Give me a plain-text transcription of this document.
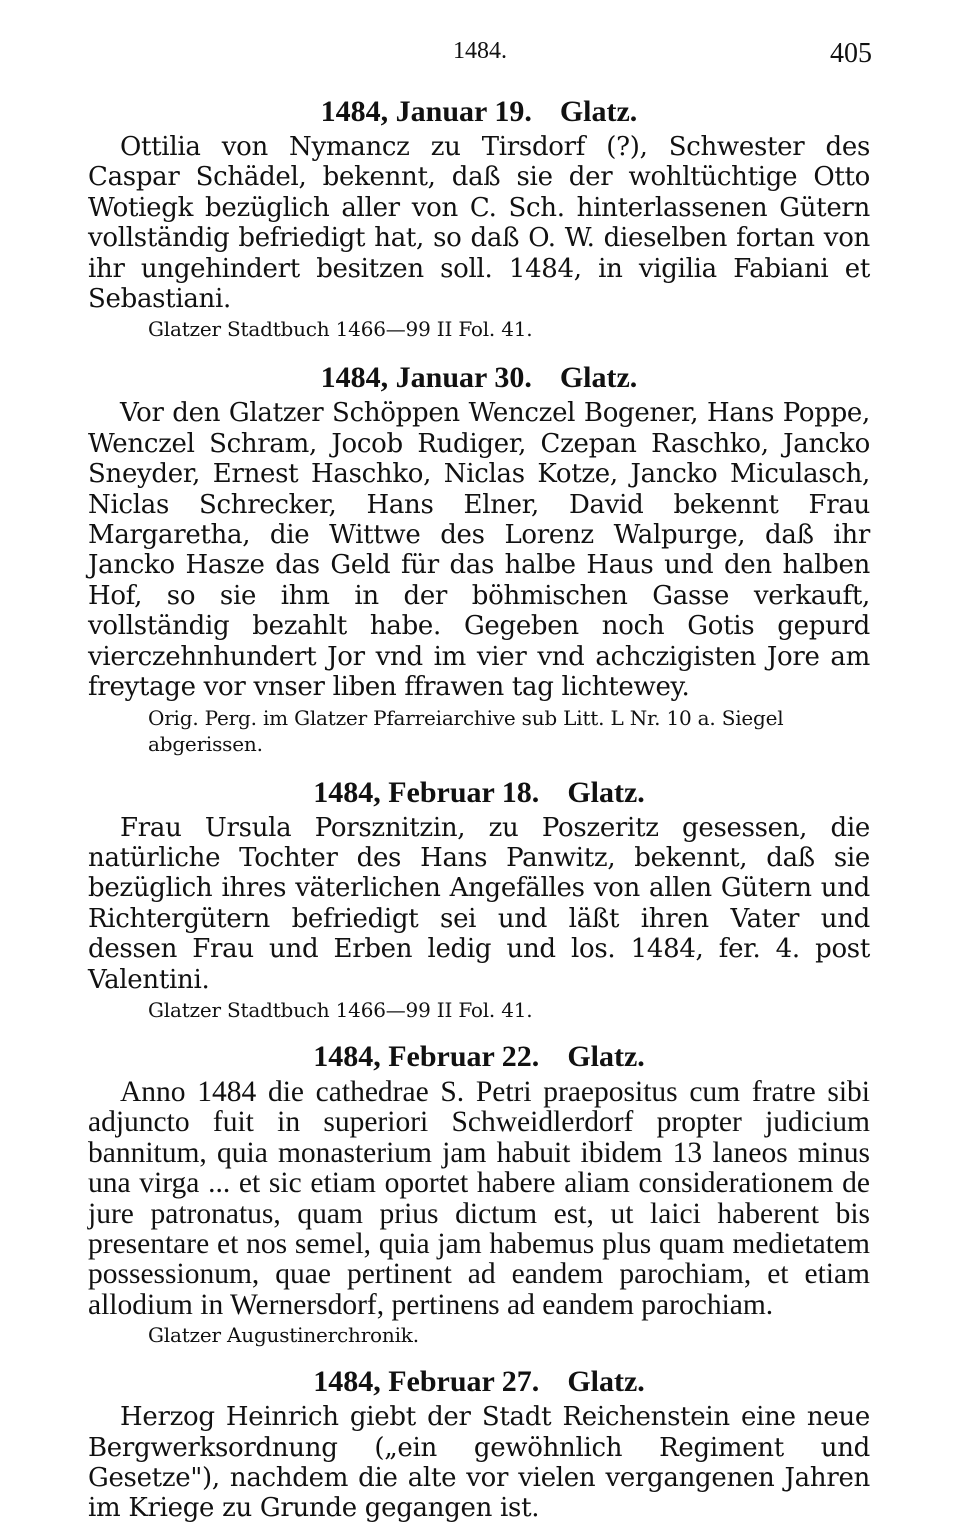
1484.	405
1484, Januar 19. Glatz.

Ottilia von Nymancz zu Tirsdorf (?), Schwester des Caspar Schädel, bekennt, daß sie der wohltüchtige Otto Wotiegk bezüglich aller von C. Sch. hinterlassenen Gütern vollständig befriedigt hat, so daß O. W. dieselben fortan von ihr ungehindert besitzen soll. 1484, in vigilia Fabiani et Sebastiani.

Glatzer Stadtbuch 1466—99 II Fol. 41.

1484, Januar 30. Glatz.

Vor den Glatzer Schöppen Wenczel Bogener, Hans Poppe, Wenczel Schram, Jocob Rudiger, Czepan Raschko, Jancko Sneyder, Ernest Haschko, Niclas Kotze, Jancko Miculasch, Niclas Schrecker, Hans Elner, David bekennt Frau Margaretha, die Wittwe des Lorenz Walpurge, daß ihr Jancko Hasze das Geld für das halbe Haus und den halben Hof, so sie ihm in der böhmischen Gasse verkauft, vollständig bezahlt habe. Gegeben noch Gotis gepurd vierczehnhundert Jor vnd im vier vnd achczigisten Jore am freytage vor vnser liben ffrawen tag lichtewey.

Orig. Perg. im Glatzer Pfarreiarchive sub Litt. L Nr. 10 a. Siegel abgerissen.

1484, Februar 18. Glatz.

Frau Ursula Porsznitzin, zu Poszeritz gesessen, die natürliche Tochter des Hans Panwitz, bekennt, daß sie bezüglich ihres väterlichen Angefälles von allen Gütern und Richtergütern befriedigt sei und läßt ihren Vater und dessen Frau und Erben ledig und los. 1484, fer. 4. post Valentini.

Glatzer Stadtbuch 1466—99 II Fol. 41.

1484, Februar 22. Glatz.

Anno 1484 die cathedrae S. Petri praepositus cum fratre sibi adjuncto fuit in superiori Schweidlerdorf propter judicium bannitum, quia monasterium jam habuit ibidem 13 laneos minus una virga ... et sic etiam oportet habere aliam considerationem de jure patronatus, quam prius dictum est, ut laici haberent bis presentare et nos semel, quia jam habemus plus quam medietatem possessionum, quae pertinent ad eandem parochiam, et etiam allodium in Wernersdorf, pertinens ad eandem parochiam.

Glatzer Augustinerchronik.

1484, Februar 27. Glatz.

Herzog Heinrich giebt der Stadt Reichenstein eine neue Bergwerksordnung („ein gewöhnlich Regiment und Gesetze"), nachdem die alte vor vielen vergangenen Jahren im Kriege zu Grunde gegangen ist.
